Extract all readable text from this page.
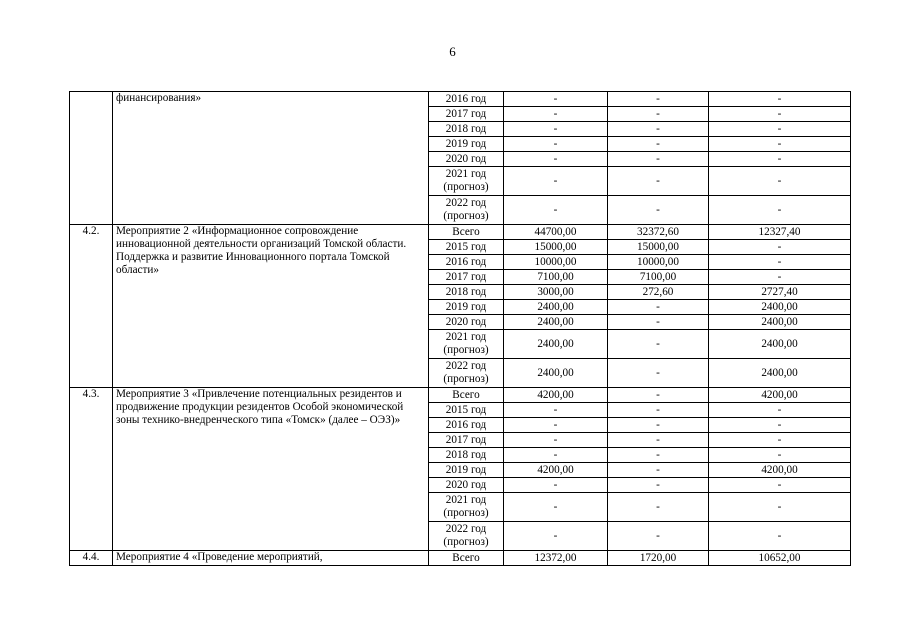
6
	финансирования»	2016 год	-	-	-
		2017 год	-	-	-
		2018 год	-	-	-
		2019 год	-	-	-
		2020 год	-	-	-
		2021 год (прогноз)	-	-	-
		2022 год (прогноз)	-	-	-
4.2.	Мероприятие 2 «Информационное сопровождение инновационной деятельности организаций Томской области. Поддержка и развитие Инновационного портала Томской области»	Всего	44700,00	32372,60	12327,40
		2015 год	15000,00	15000,00	-
		2016 год	10000,00	10000,00	-
		2017 год	7100,00	7100,00	-
		2018 год	3000,00	272,60	2727,40
		2019 год	2400,00	-	2400,00
		2020 год	2400,00	-	2400,00
		2021 год (прогноз)	2400,00	-	2400,00
		2022 год (прогноз)	2400,00	-	2400,00
4.3.	Мероприятие 3 «Привлечение потенциальных резидентов и продвижение продукции резидентов Особой экономической зоны технико-внедренческого типа «Томск» (далее – ОЭЗ)»	Всего	4200,00	-	4200,00
		2015 год	-	-	-
		2016 год	-	-	-
		2017 год	-	-	-
		2018 год	-	-	-
		2019 год	4200,00	-	4200,00
		2020 год	-	-	-
		2021 год (прогноз)	-	-	-
		2022 год (прогноз)	-	-	-
4.4.	Мероприятие 4 «Проведение мероприятий,	Всего	12372,00	1720,00	10652,00
